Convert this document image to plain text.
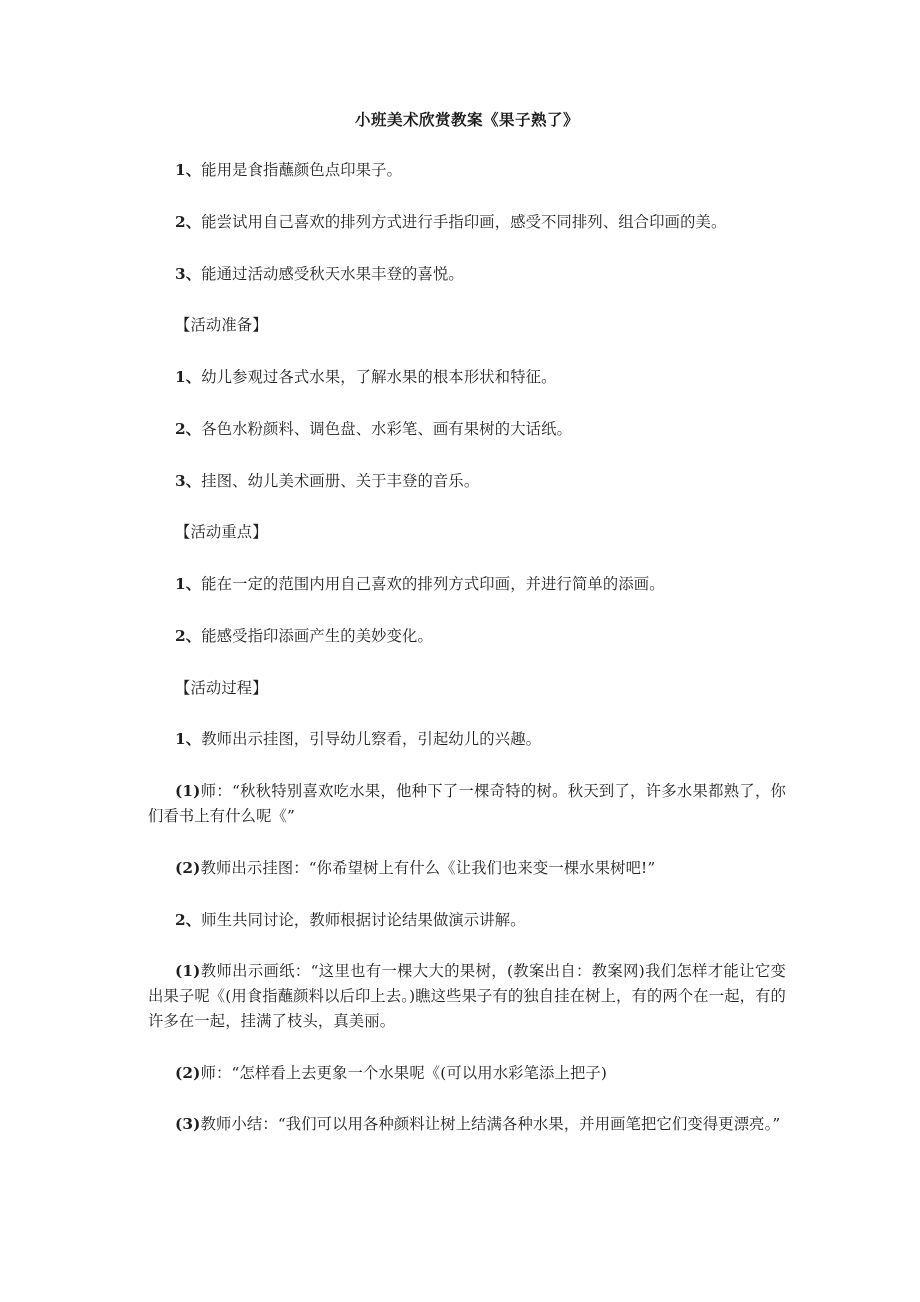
小班美术欣赏教案《果子熟了》

1、能用是食指蘸颜色点印果子。

2、能尝试用自己喜欢的排列方式进行手指印画，感受不同排列、组合印画的美。

3、能通过活动感受秋天水果丰登的喜悦。

【活动准备】

1、幼儿参观过各式水果，了解水果的根本形状和特征。

2、各色水粉颜料、调色盘、水彩笔、画有果树的大话纸。

3、挂图、幼儿美术画册、关于丰登的音乐。

【活动重点】

1、能在一定的范围内用自己喜欢的排列方式印画，并进行简单的添画。

2、能感受指印添画产生的美妙变化。

【活动过程】

1、教师出示挂图，引导幼儿察看，引起幼儿的兴趣。

(1)师：“秋秋特别喜欢吃水果，他种下了一棵奇特的树。秋天到了，许多水果都熟了，你们看书上有什么呢《”

(2)教师出示挂图：“你希望树上有什么《让我们也来变一棵水果树吧!”

2、师生共同讨论，教师根据讨论结果做演示讲解。

(1)教师出示画纸：“这里也有一棵大大的果树，(教案出自：教案网)我们怎样才能让它变出果子呢《(用食指蘸颜料以后印上去。)瞧这些果子有的独自挂在树上，有的两个在一起，有的许多在一起，挂满了枝头，真美丽。

(2)师：“怎样看上去更象一个水果呢《(可以用水彩笔添上把子)

(3)教师小结：“我们可以用各种颜料让树上结满各种水果，并用画笔把它们变得更漂亮。”
